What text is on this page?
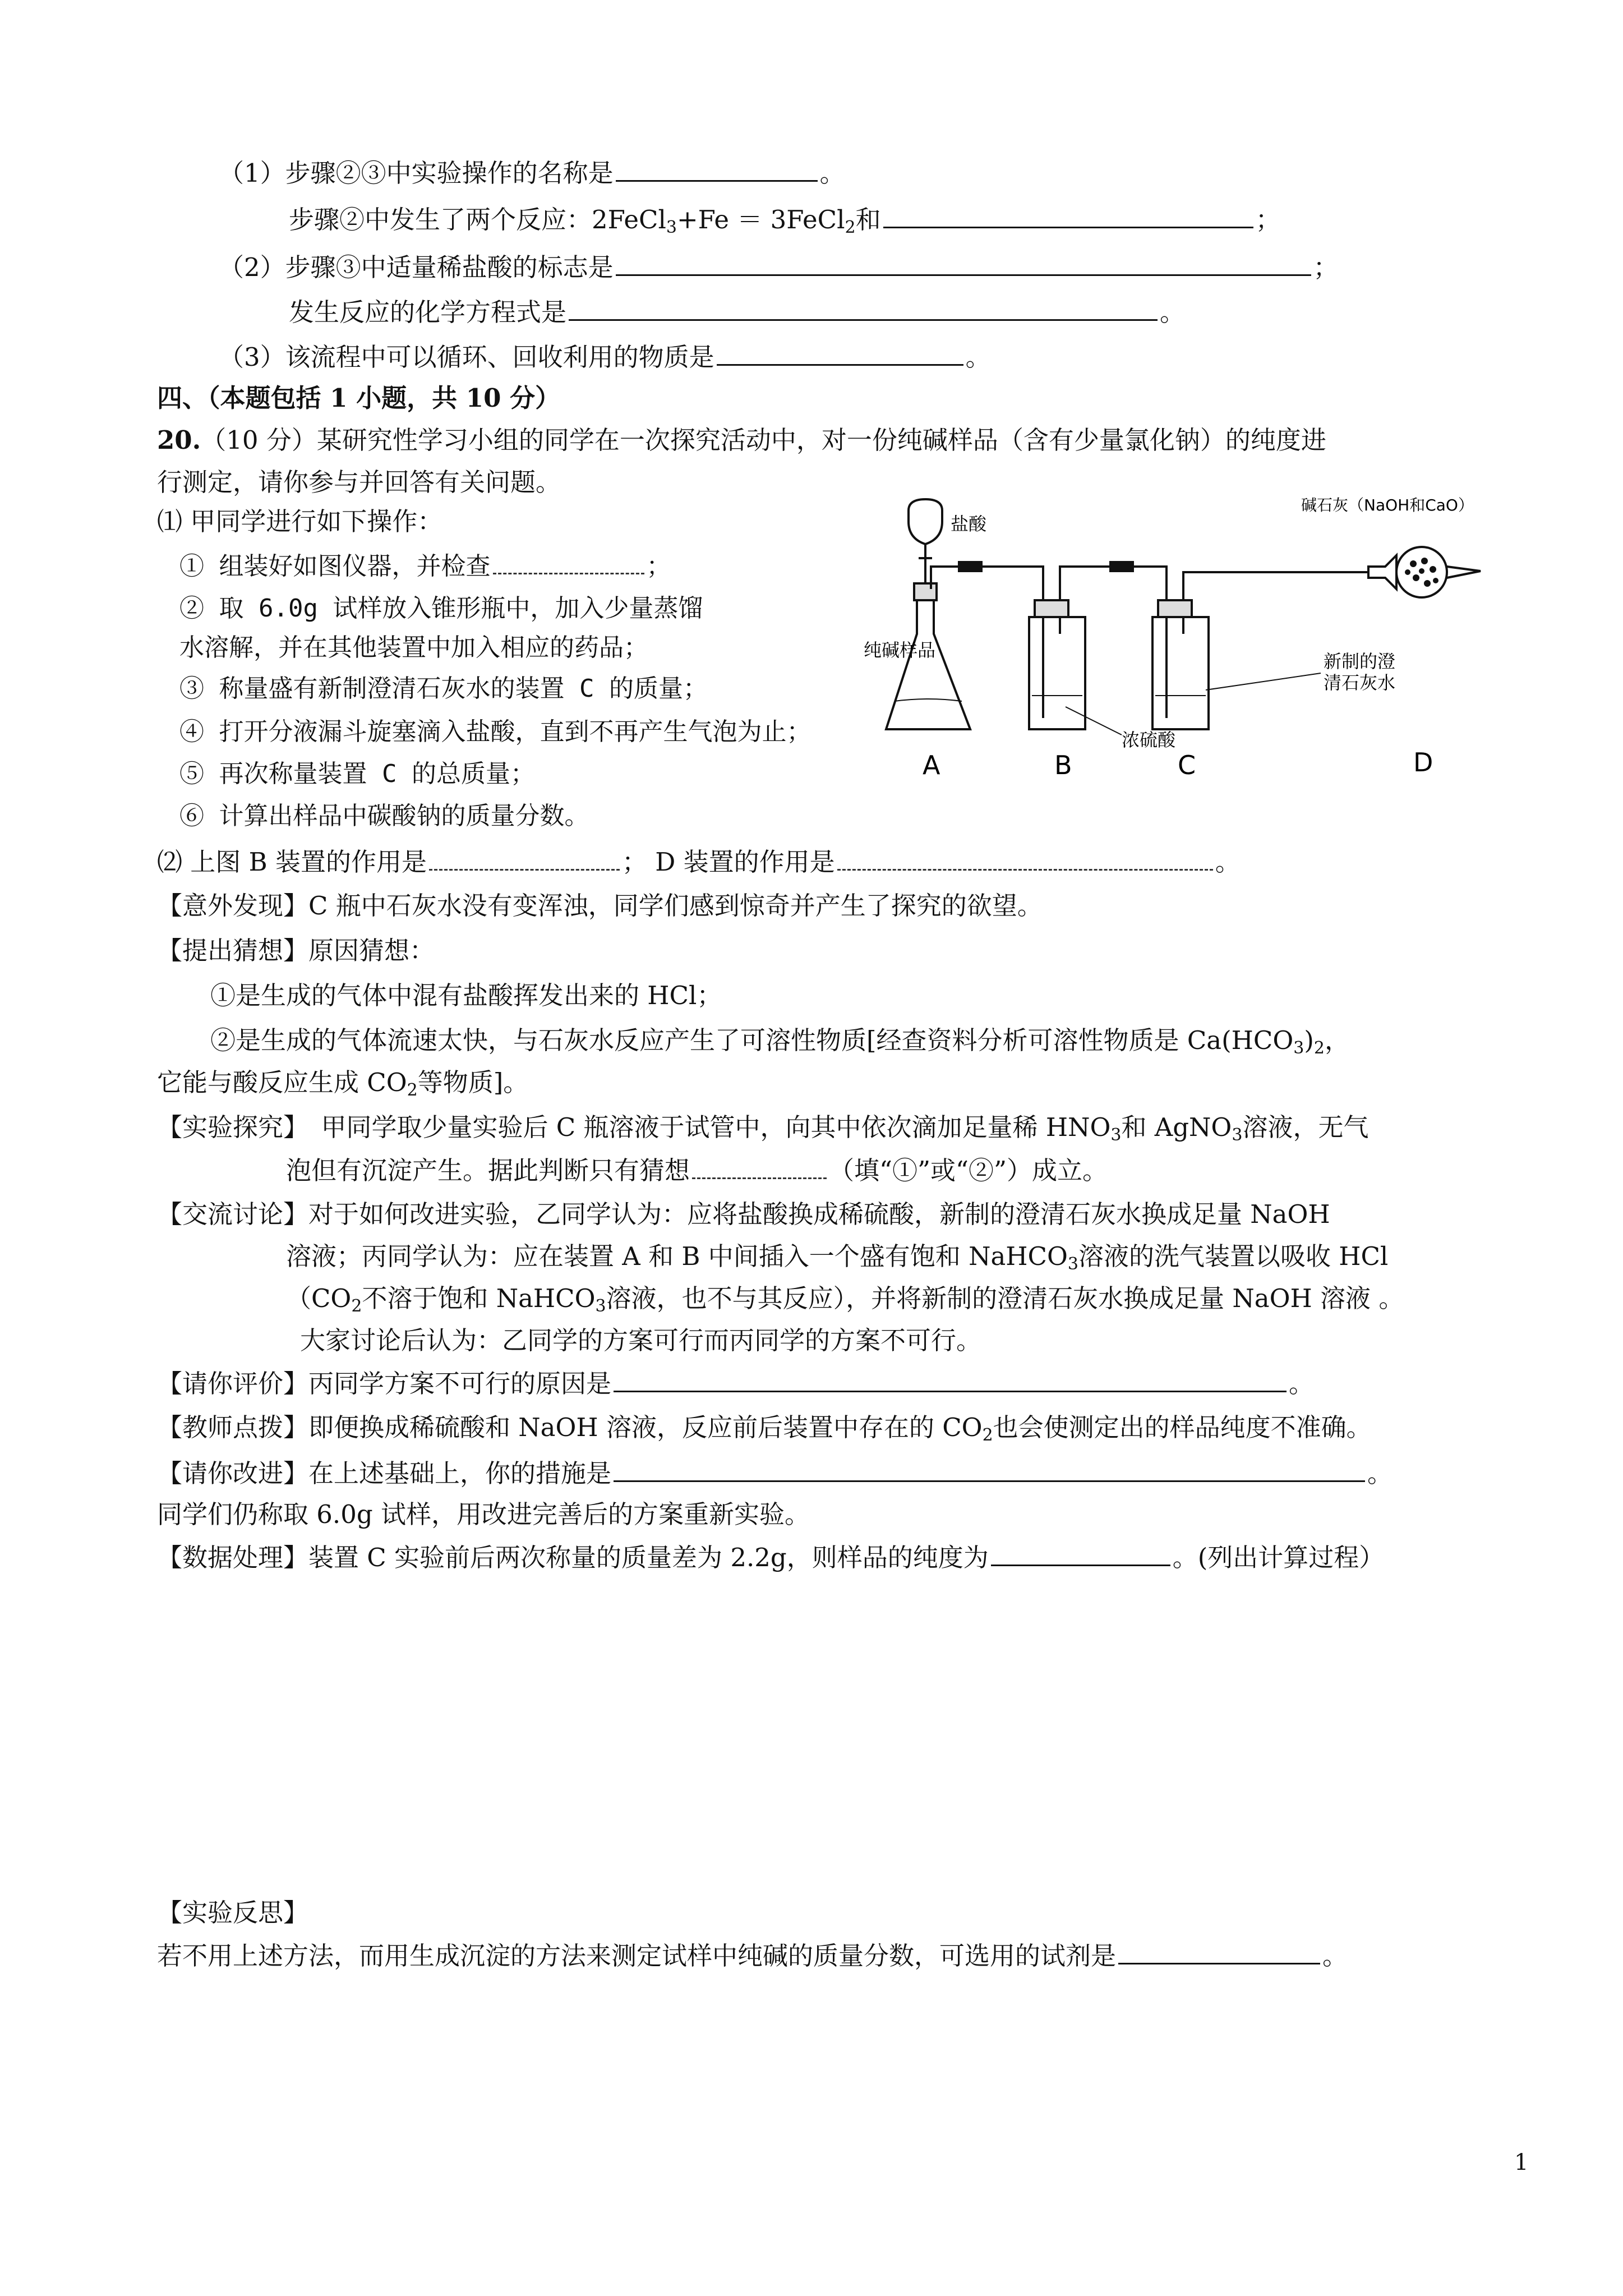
（1）步骤②③中实验操作的名称是	。
步骤②中发生了两个反应：2FeCl$_3$+Fe ＝ 3FeCl$_2$和	；
（2）步骤③中适量稀盐酸的标志是	；
发生反应的化学方程式是	。
（3）该流程中可以循环、回收利用的物质是	。
四、（本题包括 1 小题，共 10 分）
20.（10 分）某研究性学习小组的同学在一次探究活动中，对一份纯碱样品（含有少量氯化钠）的纯度进
行测定，请你参与并回答有关问题。
⑴ 甲同学进行如下操作：
① 组装好如图仪器，并检查	；
② 取 6.0g 试样放入锥形瓶中，加入少量蒸馏
水溶解，并在其他装置中加入相应的药品；
③ 称量盛有新制澄清石灰水的装置 C 的质量；
④ 打开分液漏斗旋塞滴入盐酸，直到不再产生气泡为止；
⑤ 再次称量装置 C 的总质量；
⑥ 计算出样品中碳酸钠的质量分数。
盐酸
碱石灰（NaOH和CaO）
纯碱样品
新制的澄
清石灰水
浓硫酸
A	B	C	D
⑵ 上图 B 装置的作用是	； D 装置的作用是	。
【意外发现】C 瓶中石灰水没有变浑浊，同学们感到惊奇并产生了探究的欲望。
【提出猜想】原因猜想：
①是生成的气体中混有盐酸挥发出来的 HCl；
②是生成的气体流速太快，与石灰水反应产生了可溶性物质[经查资料分析可溶性物质是 $Ca(HCO_3)_2$，
它能与酸反应生成 $CO_2$等物质]。
【实验探究】　甲同学取少量实验后 C 瓶溶液于试管中，向其中依次滴加足量稀 $HNO_3$和 AgNO$_3$溶液，无气
泡但有沉淀产生。据此判断只有猜想	（填“①”或“②”）成立。
【交流讨论】对于如何改进实验，乙同学认为：应将盐酸换成稀硫酸，新制的澄清石灰水换成足量 NaOH
溶液；丙同学认为：应在装置 A 和 B 中间插入一个盛有饱和 NaHCO$_3$溶液的洗气装置以吸收 HCl
（$CO_2$不溶于饱和 NaHCO$_3$溶液，也不与其反应），并将新制的澄清石灰水换成足量 NaOH 溶液 。
大家讨论后认为：乙同学的方案可行而丙同学的方案不可行。
【请你评价】丙同学方案不可行的原因是	。
【教师点拨】即便换成稀硫酸和 NaOH 溶液，反应前后装置中存在的 $CO_2$也会使测定出的样品纯度不准确。
【请你改进】在上述基础上，你的措施是	。
同学们仍称取 6.0g 试样，用改进完善后的方案重新实验。
【数据处理】装置 C 实验前后两次称量的质量差为 2.2g，则样品的纯度为	。(列出计算过程）
【实验反思】
若不用上述方法，而用生成沉淀的方法来测定试样中纯碱的质量分数，可选用的试剂是	。
1
